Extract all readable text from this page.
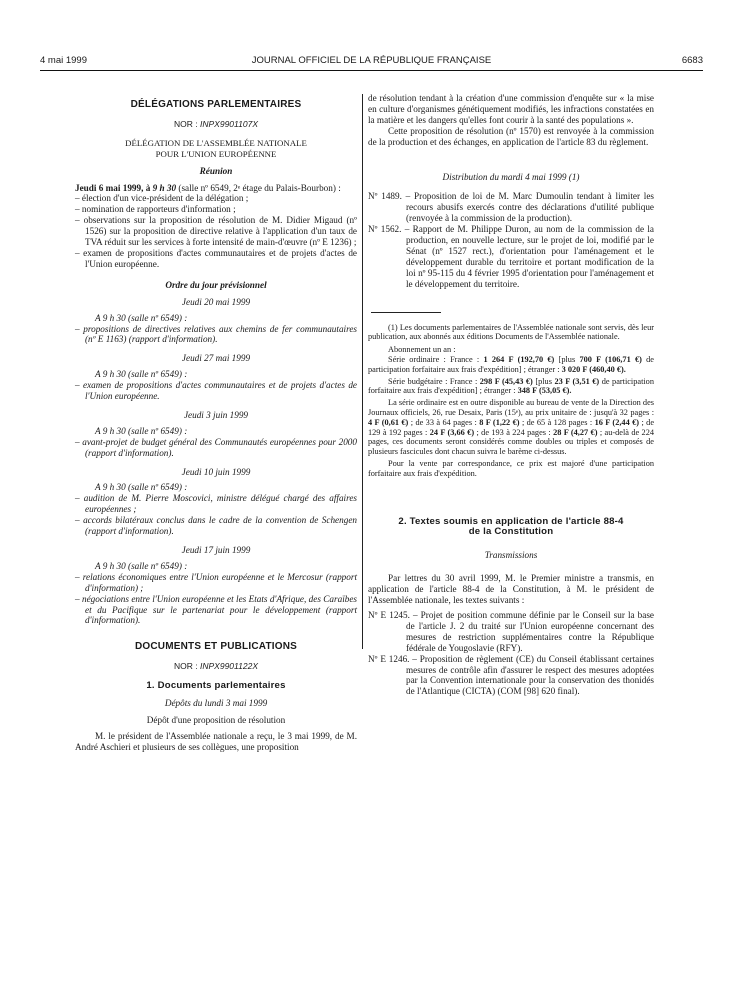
4 mai 1999	JOURNAL OFFICIEL DE LA RÉPUBLIQUE FRANÇAISE	6683

DÉLÉGATIONS PARLEMENTAIRES

NOR : INPX9901107X

DÉLÉGATION DE L'ASSEMBLÉE NATIONALE

POUR L'UNION EUROPÉENNE

Réunion

Jeudi 6 mai 1999, à 9 h 30 (salle nº 6549, 2ᵉ étage du Palais-Bourbon) :

– élection d'un vice-président de la délégation ;

– nomination de rapporteurs d'information ;

– observations sur la proposition de résolution de M. Didier Migaud (nº 1526) sur la proposition de directive relative à l'application d'un taux de TVA réduit sur les services à forte intensité de main-d'œuvre (nº E 1236) ;

– examen de propositions d'actes communautaires et de projets d'actes de l'Union européenne.

Ordre du jour prévisionnel

Jeudi 20 mai 1999

A 9 h 30 (salle nº 6549) :

– propositions de directives relatives aux chemins de fer communautaires (nº E 1163) (rapport d'information).

Jeudi 27 mai 1999

A 9 h 30 (salle nº 6549) :

– examen de propositions d'actes communautaires et de projets d'actes de l'Union européenne.

Jeudi 3 juin 1999

A 9 h 30 (salle nº 6549) :

– avant-projet de budget général des Communautés européennes pour 2000 (rapport d'information).

Jeudi 10 juin 1999

A 9 h 30 (salle nº 6549) :

– audition de M. Pierre Moscovici, ministre délégué chargé des affaires européennes ;

– accords bilatéraux conclus dans le cadre de la convention de Schengen (rapport d'information).

Jeudi 17 juin 1999

A 9 h 30 (salle nº 6549) :

– relations économiques entre l'Union européenne et le Mercosur (rapport d'information) ;

– négociations entre l'Union européenne et les Etats d'Afrique, des Caraïbes et du Pacifique sur le partenariat pour le développement (rapport d'information).

DOCUMENTS ET PUBLICATIONS

NOR : INPX9901122X

1. Documents parlementaires

Dépôts du lundi 3 mai 1999

Dépôt d'une proposition de résolution

M. le président de l'Assemblée nationale a reçu, le 3 mai 1999, de M. André Aschieri et plusieurs de ses collègues, une proposition

de résolution tendant à la création d'une commission d'enquête sur « la mise en culture d'organismes génétiquement modifiés, les infractions constatées en la matière et les dangers qu'elles font courir à la santé des populations ».

Cette proposition de résolution (nº 1570) est renvoyée à la commission de la production et des échanges, en application de l'article 83 du règlement.

Distribution du mardi 4 mai 1999 (1)

Nº 1489. – Proposition de loi de M. Marc Dumoulin tendant à limiter les recours abusifs exercés contre des déclarations d'utilité publique (renvoyée à la commission de la production).

Nº 1562. – Rapport de M. Philippe Duron, au nom de la commission de la production, en nouvelle lecture, sur le projet de loi, modifié par le Sénat (nº 1527 rect.), d'orientation pour l'aménagement et le développement durable du territoire et portant modification de la loi nº 95-115 du 4 février 1995 d'orientation pour l'aménagement et le développement du territoire.

(1) Les documents parlementaires de l'Assemblée nationale sont servis, dès leur publication, aux abonnés aux éditions Documents de l'Assemblée nationale.

Abonnement un an :

Série ordinaire : France : 1 264 F (192,70 €) [plus 700 F (106,71 €) de participation forfaitaire aux frais d'expédition] ; étranger : 3 020 F (460,40 €).

Série budgétaire : France : 298 F (45,43 €) [plus 23 F (3,51 €) de participation forfaitaire aux frais d'expédition] ; étranger : 348 F (53,05 €).

La série ordinaire est en outre disponible au bureau de vente de la Direction des Journaux officiels, 26, rue Desaix, Paris (15ᵉ), au prix unitaire de : jusqu'à 32 pages : 4 F (0,61 €) ; de 33 à 64 pages : 8 F (1,22 €) ; de 65 à 128 pages : 16 F (2,44 €) ; de 129 à 192 pages : 24 F (3,66 €) ; de 193 à 224 pages : 28 F (4,27 €) ; au-delà de 224 pages, ces documents seront considérés comme doubles ou triples et composés de plusieurs fascicules dont chacun suivra le barème ci-dessus.

Pour la vente par correspondance, ce prix est majoré d'une participation forfaitaire aux frais d'expédition.

2. Textes soumis en application de l'article 88-4

de la Constitution

Transmissions

Par lettres du 30 avril 1999, M. le Premier ministre a transmis, en application de l'article 88-4 de la Constitution, à M. le président de l'Assemblée nationale, les textes suivants :

Nº E 1245. – Projet de position commune définie par le Conseil sur la base de l'article J. 2 du traité sur l'Union européenne concernant des mesures de restriction supplémentaires contre la République fédérale de Yougoslavie (RFY).

Nº E 1246. – Proposition de règlement (CE) du Conseil établissant certaines mesures de contrôle afin d'assurer le respect des mesures adoptées par la Convention internationale pour la conservation des thonidés de l'Atlantique (CICTA) (COM [98] 620 final).
